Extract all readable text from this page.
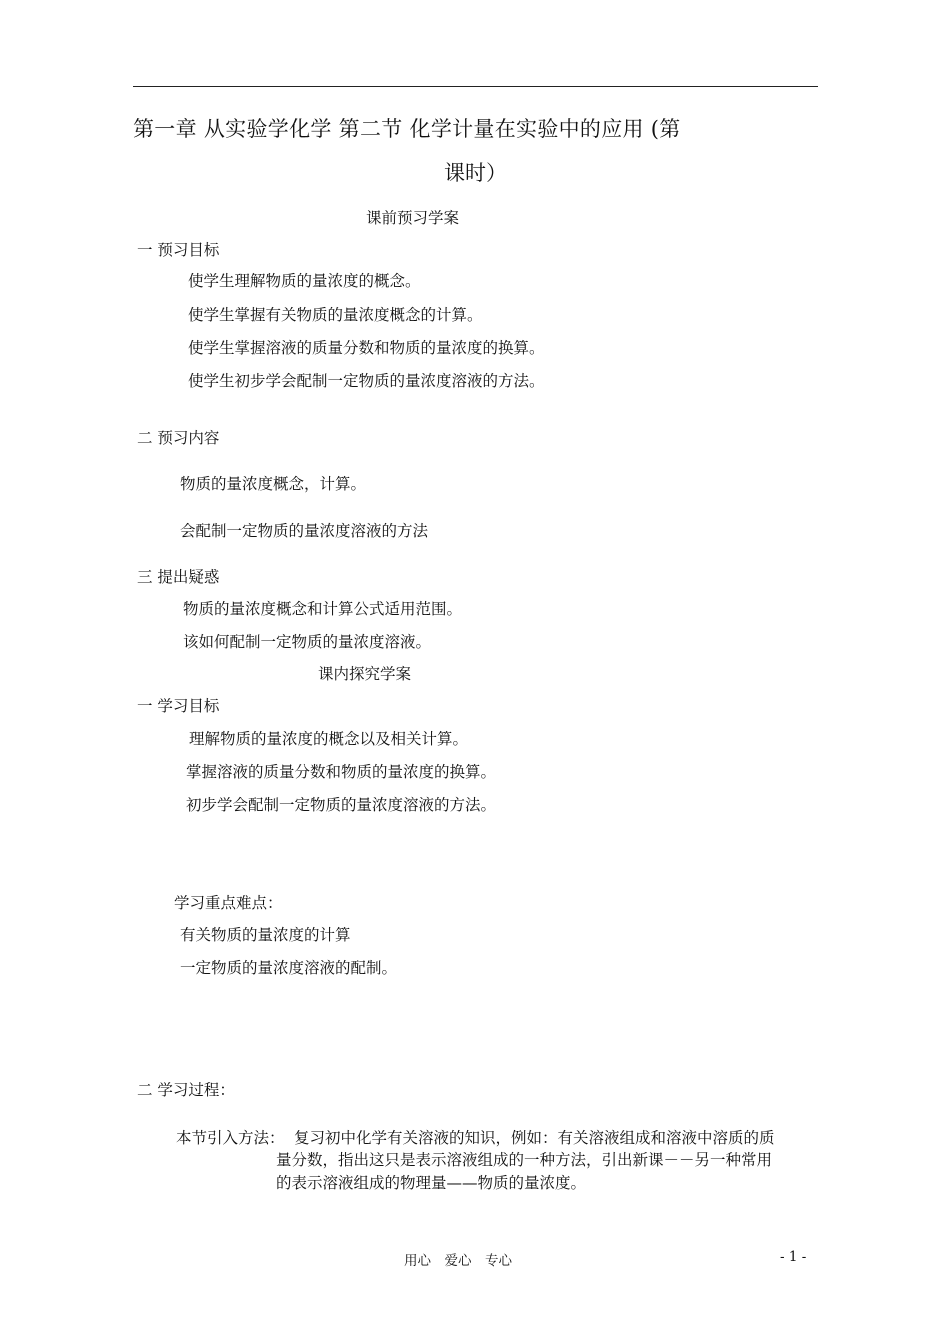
第一章 从实验学化学 第二节 化学计量在实验中的应用 (第
课时）
课前预习学案
一 预习目标
使学生理解物质的量浓度的概念。
使学生掌握有关物质的量浓度概念的计算。
使学生掌握溶液的质量分数和物质的量浓度的换算。
使学生初步学会配制一定物质的量浓度溶液的方法。
二 预习内容
物质的量浓度概念，计算。
会配制一定物质的量浓度溶液的方法
三 提出疑惑
物质的量浓度概念和计算公式适用范围。
该如何配制一定物质的量浓度溶液。
课内探究学案
一 学习目标
理解物质的量浓度的概念以及相关计算。
掌握溶液的质量分数和物质的量浓度的换算。
初步学会配制一定物质的量浓度溶液的方法。
学习重点难点：
有关物质的量浓度的计算
一定物质的量浓度溶液的配制。
二 学习过程：
本节引入方法： 复习初中化学有关溶液的知识，例如：有关溶液组成和溶液中溶质的质
量分数，指出这只是表示溶液组成的一种方法，引出新课－－另一种常用
的表示溶液组成的物理量——物质的量浓度。
用心　爱心　专心	- 1 -
